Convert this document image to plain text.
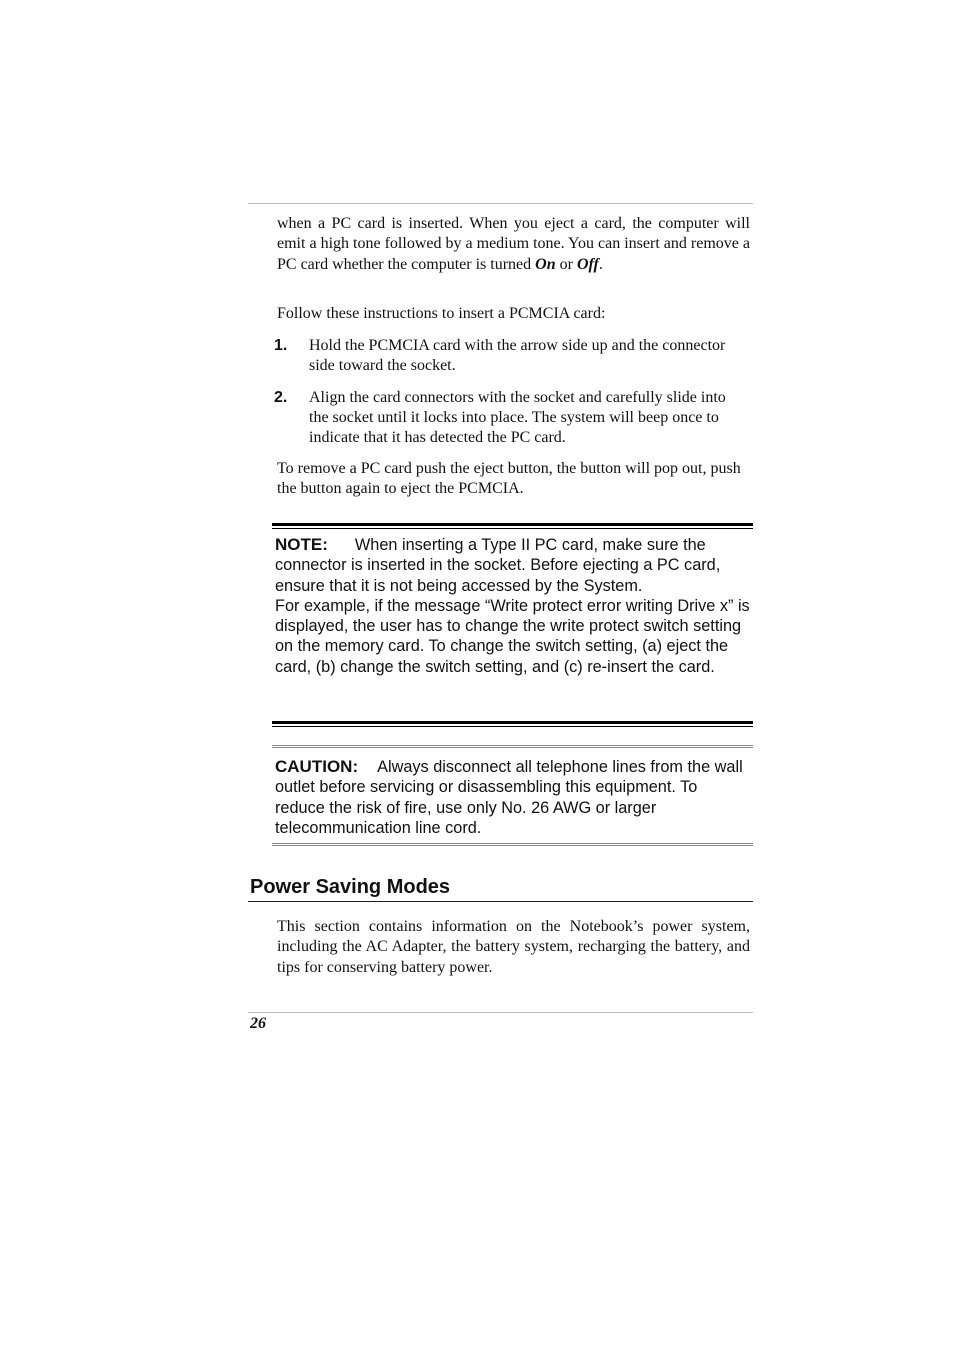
when a PC card is inserted. When you eject a card, the computer will emit a high tone followed by a medium tone. You can insert and remove a PC card whether the computer is turned On or Off.

Follow these instructions to insert a PCMCIA card:

1. Hold the PCMCIA card with the arrow side up and the connector side toward the socket.

2. Align the card connectors with the socket and carefully slide into the socket until it locks into place. The system will beep once to indicate that it has detected the PC card.

To remove a PC card push the eject button, the button will pop out, push the button again to eject the PCMCIA.

NOTE: When inserting a Type II PC card, make sure the connector is inserted in the socket. Before ejecting a PC card, ensure that it is not being accessed by the System.
For example, if the message “Write protect error writing Drive x” is displayed, the user has to change the write protect switch setting on the memory card. To change the switch setting, (a) eject the card, (b) change the switch setting, and (c) re-insert the card.
CAUTION: Always disconnect all telephone lines from the wall outlet before servicing or disassembling this equipment. To reduce the risk of fire, use only No. 26 AWG or larger telecommunication line cord.
Power Saving Modes

This section contains information on the Notebook’s power system, including the AC Adapter, the battery system, recharging the battery, and tips for conserving battery power.

26
